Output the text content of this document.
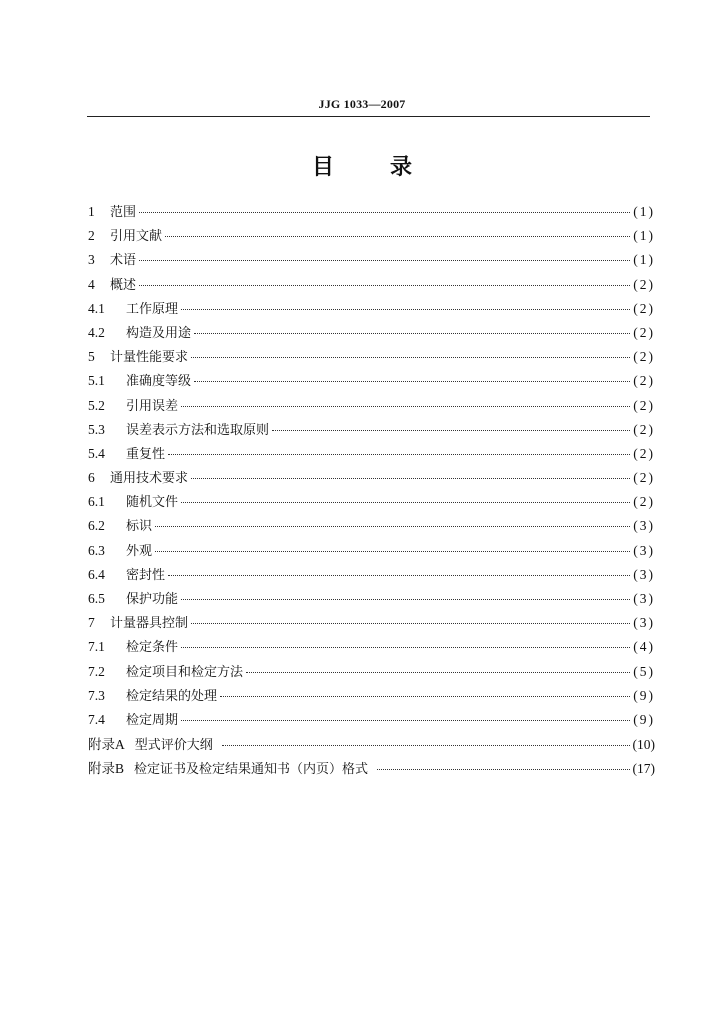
JJG 1033—2007
目	录
1	范围	(1)
2	引用文献	(1)
3	术语	(1)
4	概述	(2)
4.1	工作原理	(2)
4.2	构造及用途	(2)
5	计量性能要求	(2)
5.1	准确度等级	(2)
5.2	引用误差	(2)
5.3	误差表示方法和选取原则	(2)
5.4	重复性	(2)
6	通用技术要求	(2)
6.1	随机文件	(2)
6.2	标识	(3)
6.3	外观	(3)
6.4	密封性	(3)
6.5	保护功能	(3)
7	计量器具控制	(3)
7.1	检定条件	(4)
7.2	检定项目和检定方法	(5)
7.3	检定结果的处理	(9)
7.4	检定周期	(9)
附录A 型式评价大纲	(10)
附录B 检定证书及检定结果通知书（内页）格式	(17)
